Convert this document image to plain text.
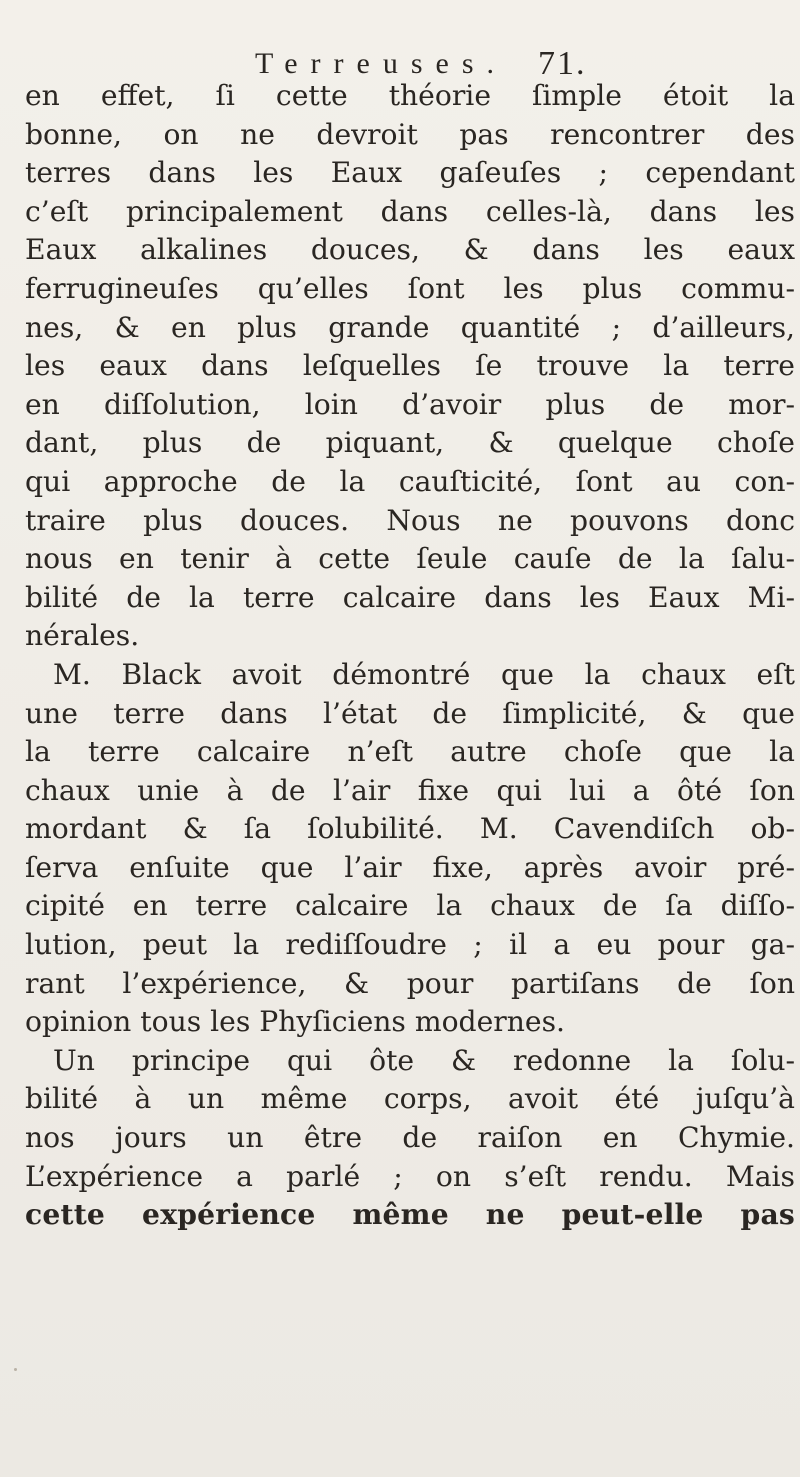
Terreuses. 71.
en effet, ſi cette théorie ſimple étoit la
bonne, on ne devroit pas rencontrer des
terres dans les Eaux gaſeuſes ; cependant
c’eſt principalement dans celles-là, dans les
Eaux alkalines douces, & dans les eaux
ferrugineuſes qu’elles ſont les plus commu-
nes, & en plus grande quantité ; d’ailleurs,
les eaux dans leſquelles ſe trouve la terre
en diſſolution, loin d’avoir plus de mor-
dant, plus de piquant, & quelque choſe
qui approche de la cauſticité, ſont au con-
traire plus douces. Nous ne pouvons donc
nous en tenir à cette ſeule cauſe de la ſalu-
bilité de la terre calcaire dans les Eaux Mi-
nérales.
M. Black avoit démontré que la chaux eſt
une terre dans l’état de ſimplicité, & que
la terre calcaire n’eſt autre choſe que la
chaux unie à de l’air fixe qui lui a ôté ſon
mordant & ſa ſolubilité. M. Cavendiſch ob-
ſerva enſuite que l’air fixe, après avoir pré-
cipité en terre calcaire la chaux de ſa diſſo-
lution, peut la rediſſoudre ; il a eu pour ga-
rant l’expérience, & pour partiſans de ſon
opinion tous les Phyſiciens modernes.
Un principe qui ôte & redonne la ſolu-
bilité à un même corps, avoit été juſqu’à
nos jours un être de raiſon en Chymie.
L’expérience a parlé ; on s’eſt rendu. Mais
cette expérience même ne peut-elle pas
